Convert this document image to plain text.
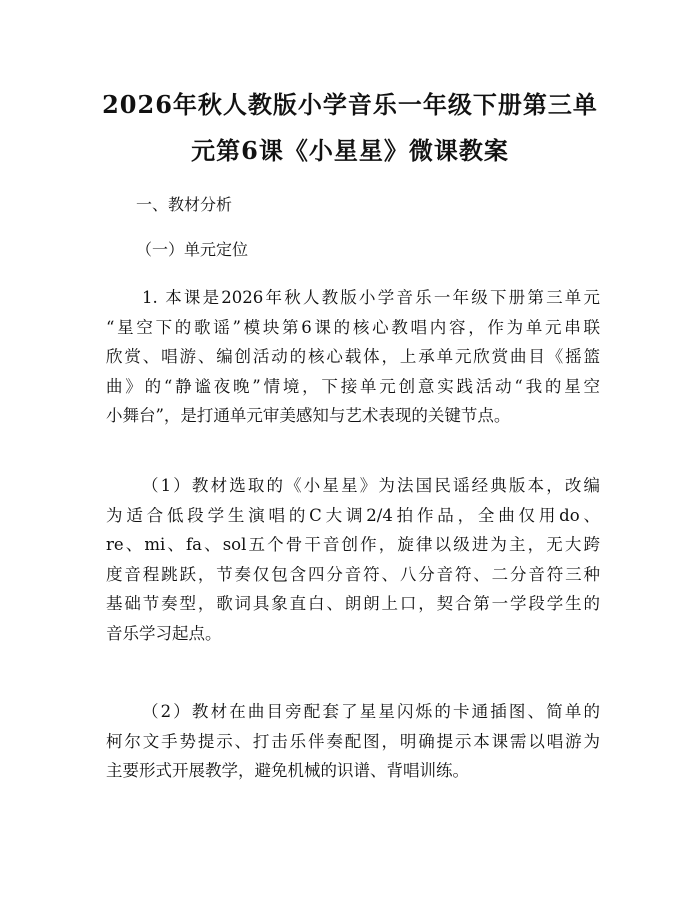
2026年秋人教版小学音乐一年级下册第三单
元第6课《小星星》微课教案

一、教材分析

（一）单元定位

1. 本课是2026年秋人教版小学音乐一年级下册第三单元
“星空下的歌谣”模块第6课的核心教唱内容，作为单元串联
欣赏、唱游、编创活动的核心载体，上承单元欣赏曲目《摇篮
曲》的“静谧夜晚”情境，下接单元创意实践活动“我的星空
小舞台”，是打通单元审美感知与艺术表现的关键节点。
（1）教材选取的《小星星》为法国民谣经典版本，改编
为适合低段学生演唱的C大调2/4拍作品，全曲仅用do、
re、mi、fa、sol五个骨干音创作，旋律以级进为主，无大跨
度音程跳跃，节奏仅包含四分音符、八分音符、二分音符三种
基础节奏型，歌词具象直白、朗朗上口，契合第一学段学生的
音乐学习起点。
（2）教材在曲目旁配套了星星闪烁的卡通插图、简单的
柯尔文手势提示、打击乐伴奏配图，明确提示本课需以唱游为
主要形式开展教学，避免机械的识谱、背唱训练。
